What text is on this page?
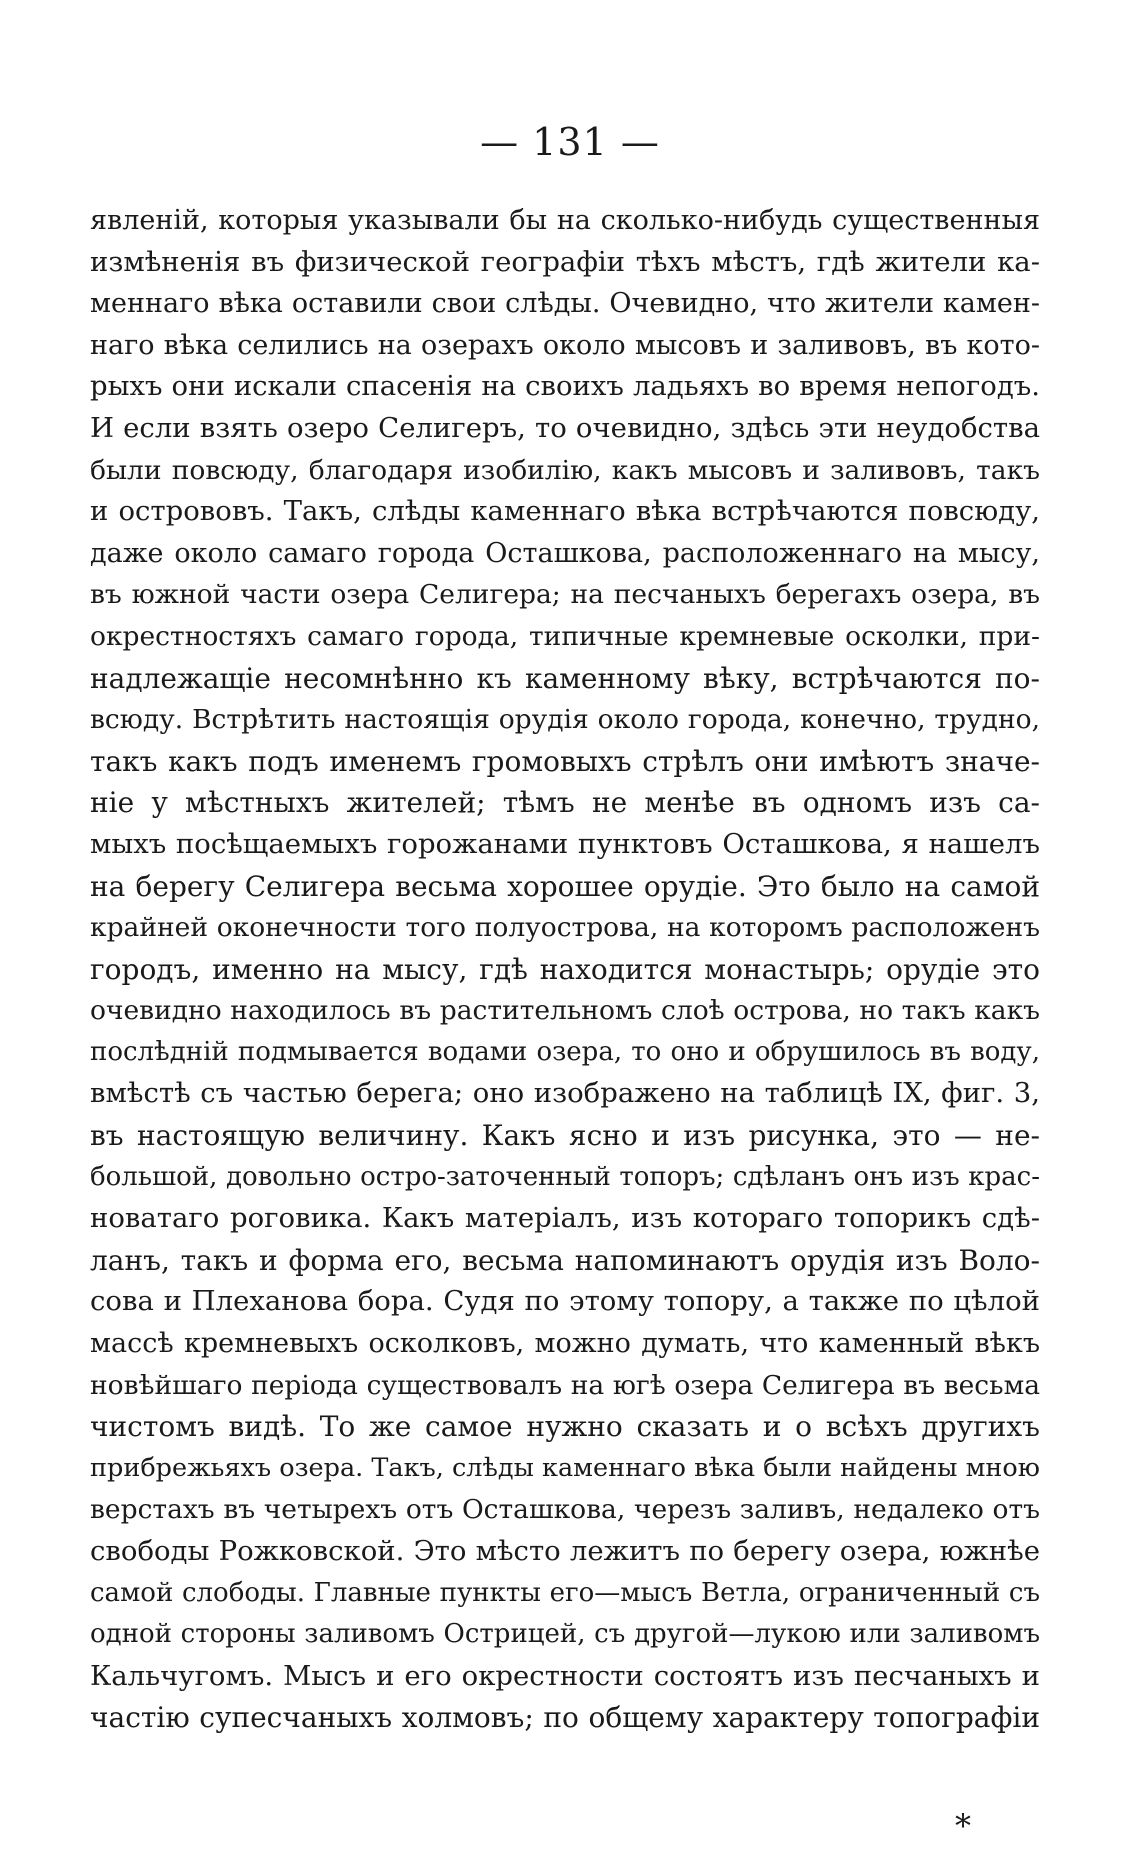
— 131 —
явленій, которыя указывали бы на сколько-нибудь существенныя
измѣненія въ физической географіи тѣхъ мѣстъ, гдѣ жители ка-
меннаго вѣка оставили свои слѣды. Очевидно, что жители камен-
наго вѣка селились на озерахъ около мысовъ и заливовъ, въ кото-
рыхъ они искали спасенія на своихъ ладьяхъ во время непогодъ.
И если взять озеро Селигеръ, то очевидно, здѣсь эти неудобства
были повсюду, благодаря изобилію, какъ мысовъ и заливовъ, такъ
и острововъ. Такъ, слѣды каменнаго вѣка встрѣчаются повсюду,
даже около самаго города Осташкова, расположеннаго на мысу,
въ южной части озера Селигера; на песчаныхъ берегахъ озера, въ
окрестностяхъ самаго города, типичные кремневые осколки, при-
надлежащіе несомнѣнно къ каменному вѣку, встрѣчаются по-
всюду. Встрѣтить настоящія орудія около города, конечно, трудно,
такъ какъ подъ именемъ громовыхъ стрѣлъ они имѣютъ значе-
ніе у мѣстныхъ жителей; тѣмъ не менѣе въ одномъ изъ са-
мыхъ посѣщаемыхъ горожанами пунктовъ Осташкова, я нашелъ
на берегу Селигера весьма хорошее орудіе. Это было на самой
крайней оконечности того полуострова, на которомъ расположенъ
городъ, именно на мысу, гдѣ находится монастырь; орудіе это
очевидно находилось въ растительномъ слоѣ острова, но такъ какъ
послѣдній подмывается водами озера, то оно и обрушилось въ воду,
вмѣстѣ съ частью берега; оно изображено на таблицѣ IX, фиг. 3,
въ настоящую величину. Какъ ясно и изъ рисунка, это — не-
большой, довольно остро-заточенный топоръ; сдѣланъ онъ изъ крас-
новатаго роговика. Какъ матеріалъ, изъ котораго топорикъ сдѣ-
ланъ, такъ и форма его, весьма напоминаютъ орудія изъ Воло-
сова и Плеханова бора. Судя по этому топору, а также по цѣлой
массѣ кремневыхъ осколковъ, можно думать, что каменный вѣкъ
новѣйшаго періода существовалъ на югѣ озера Селигера въ весьма
чистомъ видѣ. То же самое нужно сказать и о всѣхъ другихъ
прибрежьяхъ озера. Такъ, слѣды каменнаго вѣка были найдены мною
верстахъ въ четырехъ отъ Осташкова, черезъ заливъ, недалеко отъ
свободы Рожковской. Это мѣсто лежитъ по берегу озера, южнѣе
самой слободы. Главные пункты его—мысъ Ветла, ограниченный съ
одной стороны заливомъ Острицей, съ другой—лукою или заливомъ
Кальчугомъ. Мысъ и его окрестности состоятъ изъ песчаныхъ и
частію супесчаныхъ холмовъ; по общему характеру топографіи
*
